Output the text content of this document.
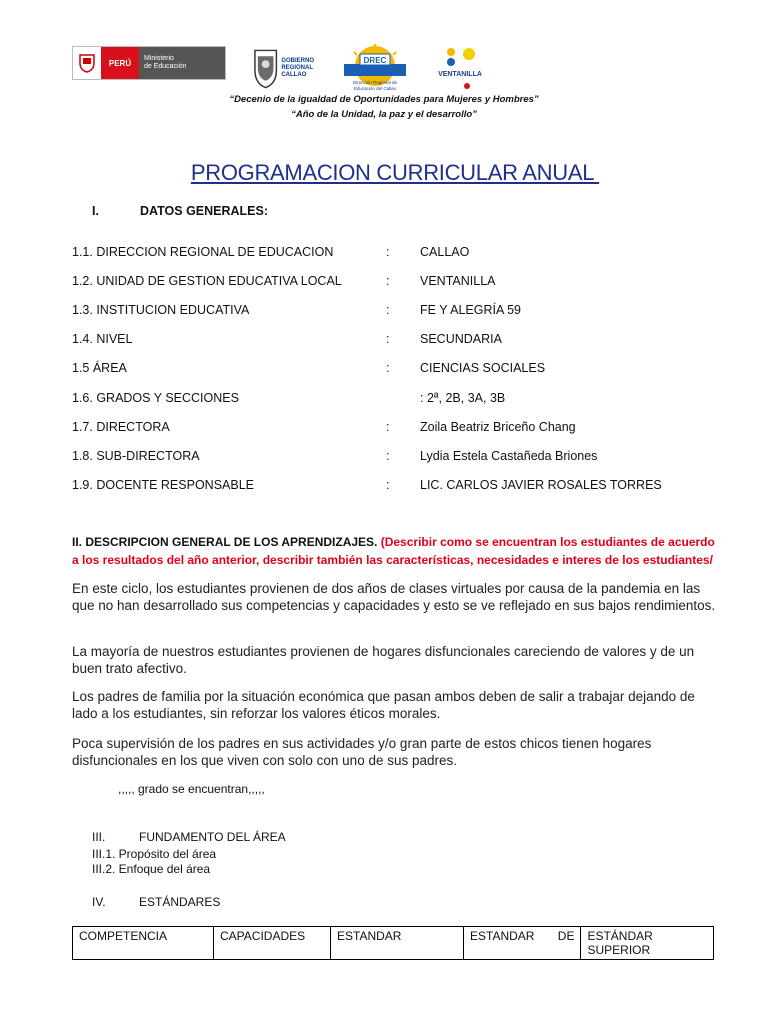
PERÚ	Ministerio
de Educación
GOBIERNO
REGIONAL
CALLAO
DREC
Dirección Regional de
Educación del Callao
VENTANILLA
“Decenio de la igualdad de Oportunidades para Mujeres y Hombres”
“Año de la Unidad, la paz y el desarrollo”
PROGRAMACION CURRICULAR ANUAL
I.	DATOS GENERALES:
1.1. DIRECCION REGIONAL DE EDUCACION	: CALLAO
1.2. UNIDAD DE GESTION EDUCATIVA LOCAL	: VENTANILLA
1.3. INSTITUCION EDUCATIVA	: FE Y ALEGRÍA 59
1.4. NIVEL	: SECUNDARIA
1.5 ÁREA	: CIENCIAS SOCIALES
1.6. GRADOS Y SECCIONES	: 2ª, 2B, 3A, 3B
1.7. DIRECTORA	: Zoila Beatriz Briceño Chang
1.8. SUB-DIRECTORA	: Lydia Estela Castañeda Briones
1.9. DOCENTE RESPONSABLE	: LIC. CARLOS JAVIER ROSALES TORRES
II. DESCRIPCION GENERAL DE LOS APRENDIZAJES. (Describir como se encuentran los estudiantes de acuerdo a los resultados del año anterior, describir también las características, necesidades e interes de los estudiantes/
En este ciclo, los estudiantes provienen de dos años de clases virtuales por causa de la pandemia en las que no han desarrollado sus competencias y capacidades y esto se ve reflejado en sus bajos rendimientos.
La mayoría de nuestros estudiantes provienen de hogares disfuncionales careciendo de valores y de un buen trato afectivo.
Los padres de familia por la situación económica que pasan ambos deben de salir a trabajar dejando de lado a los estudiantes, sin reforzar los valores éticos morales.
Poca supervisión de los padres en sus actividades y/o gran parte de estos chicos tienen hogares disfuncionales en los que viven con solo con uno de sus padres.
,,,,, grado se encuentran,,,,,
III.	FUNDAMENTO DEL ÁREA
III.1. Propósito del área
III.2. Enfoque del área
IV.	ESTÁNDARES
COMPETENCIA	CAPACIDADES	ESTANDAR	ESTANDAR       DE	ESTÁNDAR SUPERIOR
